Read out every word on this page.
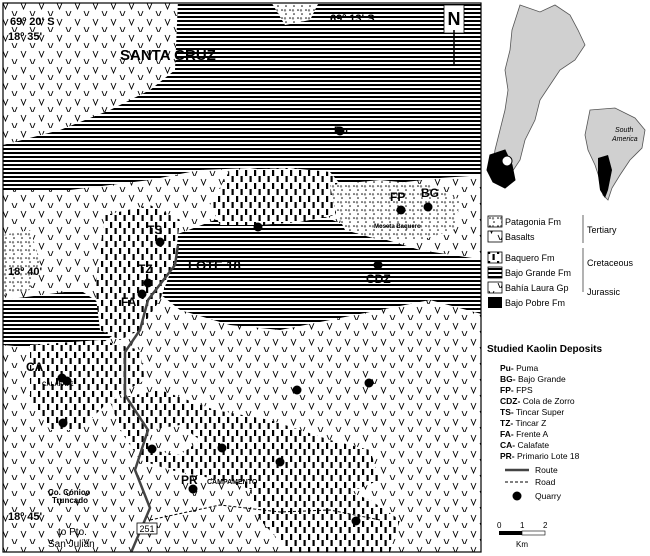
N
69º 20' S	69º 13' S
18º 35'
18º 40'
18º 45'
SANTA CRUZ
LOTE 18
Pu
BG
FP
CDZ
TS
TZ
FA
CA
PR
CALAFATE
Moseta Baquero
Co. Cónico
Truncado
CAMPAMENTO
to Pto.
San Julián
251
South
America
Patagonia Fm
Basalts
Baquero Fm
Bajo Grande Fm
Bahía Laura Gp
Bajo Pobre Fm
Tertiary
Cretaceous
Jurassic
Studied Kaolin Deposits
Pu- Puma
BG- Bajo Grande
FP- FPS
CDZ- Cola de Zorro
TS- Tincar Super
TZ- Tincar Z
FA- Frente A
CA- Calafate
PR- Primario Lote 18
Route
Road
Quarry
0 1 2
Km
